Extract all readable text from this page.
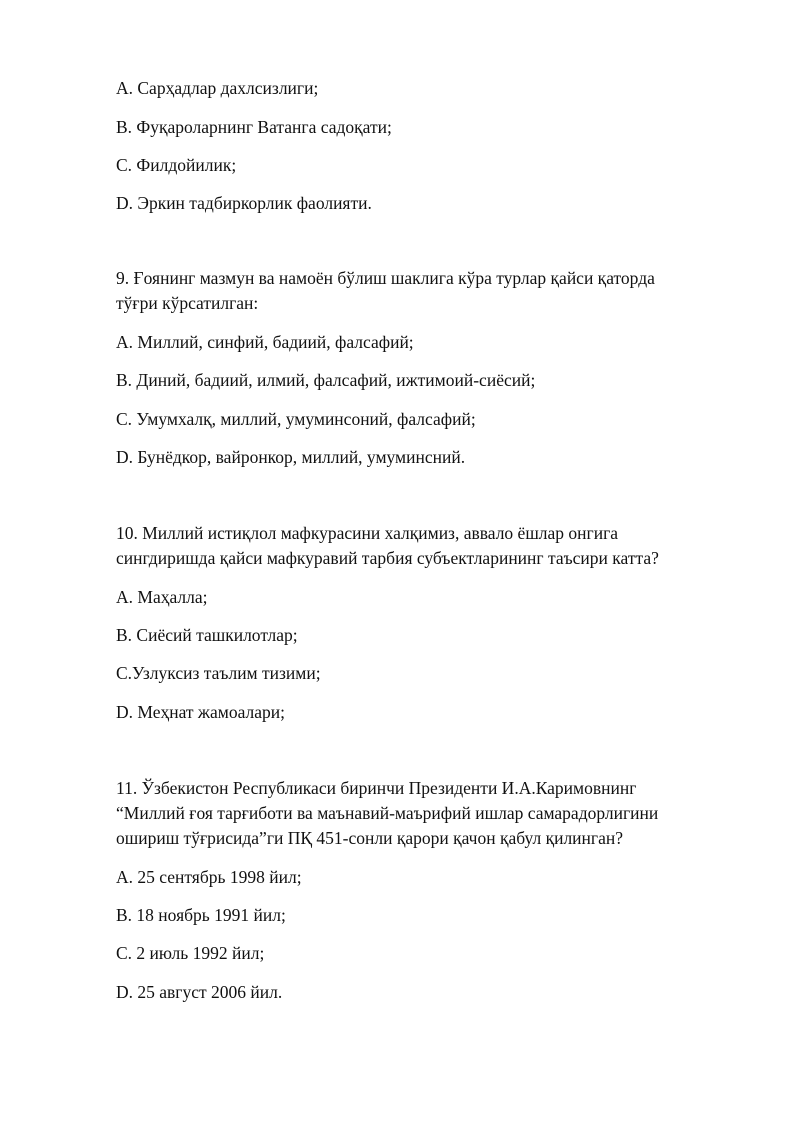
A. Сарҳадлар дахлсизлиги;

B. Фуқароларнинг Ватанга садоқати;

C. Филдойилик;

D. Эркин тадбиркорлик фаолияти.

9. Ғоянинг мазмун ва намоён бўлиш шаклига кўра турлар қайси қаторда

тўғри кўрсатилган:

A. Миллий, синфий, бадиий, фалсафий;

B. Диний, бадиий, илмий, фалсафий, ижтимоий-сиёсий;

C. Умумхалқ, миллий, умуминсоний, фалсафий;

D. Бунёдкор, вайронкор, миллий, умуминсний.

10. Миллий истиқлол мафкурасини халқимиз, аввало ёшлар онгига

сингдиришда қайси мафкуравий тарбия субъектларининг таъсири катта?

A. Маҳалла;

B. Сиёсий ташкилотлар;

C.Узлуксиз таълим тизими;

D. Меҳнат жамоалари;

11. Ўзбекистон Республикаси биринчи Президенти И.А.Каримовнинг

“Миллий ғоя тарғиботи ва маънавий-маърифий ишлар самарадорлигини

ошириш тўғрисида”ги ПҚ 451-сонли қарори қачон қабул қилинган?

A. 25 сентябрь 1998 йил;

B. 18 ноябрь 1991 йил;

C. 2 июль 1992 йил;

D. 25 август 2006 йил.
